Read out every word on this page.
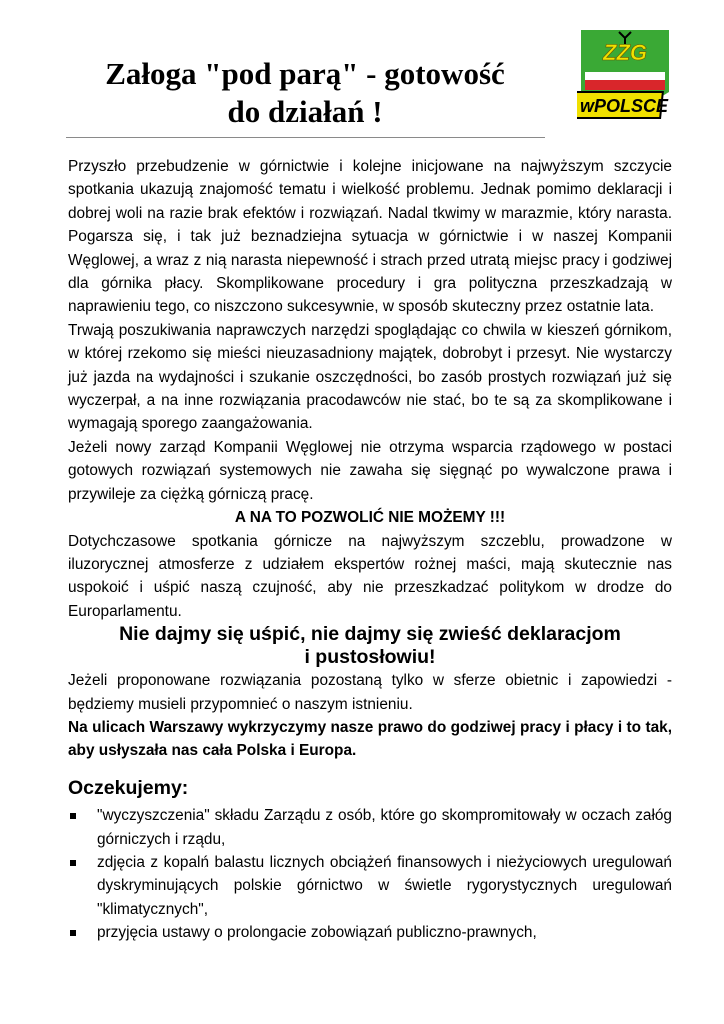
Załoga "pod parą" - gotowość
do działań !
ZZG
wPOLSCE

Przyszło przebudzenie w górnictwie i kolejne inicjowane na najwyższym szczycie spotkania ukazują znajomość tematu i wielkość problemu. Jednak pomimo deklaracji i dobrej woli na razie brak efektów i rozwiązań. Nadal tkwimy w marazmie, który narasta. Pogarsza się, i tak już beznadziejna sytuacja w górnictwie i w naszej Kompanii Węglowej, a wraz z nią narasta niepewność i strach przed utratą miejsc pracy i godziwej dla górnika płacy. Skomplikowane procedury i gra polityczna przeszkadzają w naprawieniu tego, co niszczono sukcesywnie, w sposób skuteczny przez ostatnie lata.

Trwają poszukiwania naprawczych narzędzi spoglądając co chwila w kieszeń górnikom, w której rzekomo się mieści nieuzasadniony majątek, dobrobyt i przesyt. Nie wystarczy już jazda na wydajności i szukanie oszczędności, bo zasób prostych rozwiązań już się wyczerpał, a na inne rozwiązania pracodawców nie stać, bo te są za skomplikowane i wymagają sporego zaangażowania.

Jeżeli nowy zarząd Kompanii Węglowej nie otrzyma wsparcia rządowego w postaci gotowych rozwiązań systemowych nie zawaha się sięgnąć po wywalczone prawa i przywileje za ciężką górniczą pracę.

A NA TO POZWOLIĆ NIE MOŻEMY !!!

Dotychczasowe spotkania górnicze na najwyższym szczeblu, prowadzone w iluzorycznej atmosferze z udziałem ekspertów rożnej maści, mają skutecznie nas uspokoić i uśpić naszą czujność, aby nie przeszkadzać politykom w drodze do Europarlamentu.

Nie dajmy się uśpić, nie dajmy się zwieść deklaracjom
i pustosłowiu!

Jeżeli proponowane rozwiązania pozostaną tylko w sferze obietnic i zapowiedzi - będziemy musieli przypomnieć o naszym istnieniu.

Na ulicach Warszawy wykrzyczymy nasze prawo do godziwej pracy i płacy i to tak, aby usłyszała nas cała Polska i Europa.

Oczekujemy:

"wyczyszczenia" składu Zarządu z osób, które go skompromitowały w oczach załóg górniczych i rządu,
zdjęcia z kopalń balastu licznych obciążeń finansowych i nieżyciowych uregulowań dyskryminujących polskie górnictwo w świetle rygorystycznych uregulowań "klimatycznych",
przyjęcia ustawy o prolongacie zobowiązań publiczno-prawnych,
